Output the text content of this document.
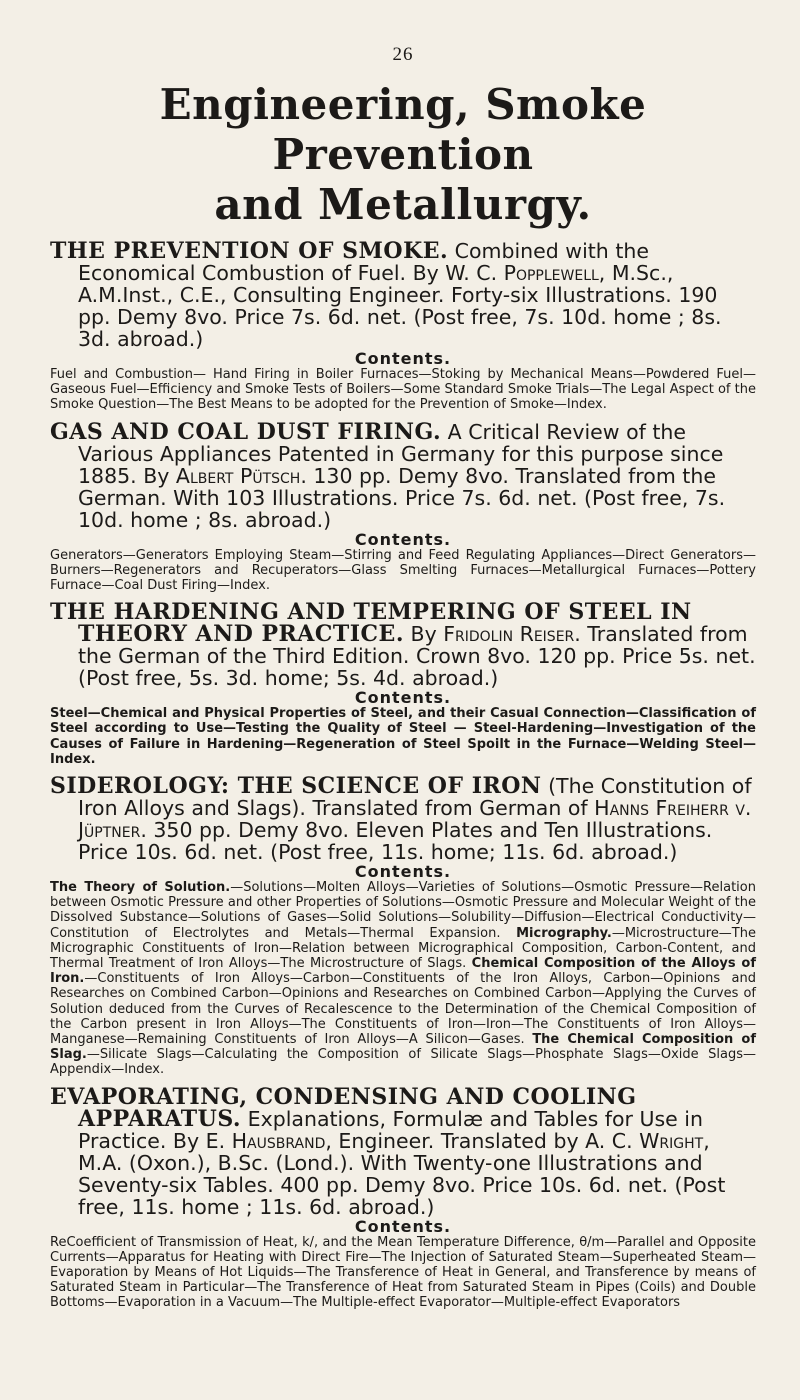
26
Engineering, Smoke Prevention
and Metallurgy.

THE PREVENTION OF SMOKE. Combined with the Economical Combustion of Fuel. By W. C. Popplewell, M.Sc., A.M.Inst., C.E., Consulting Engineer. Forty-six Illustrations. 190 pp. Demy 8vo. Price 7s. 6d. net. (Post free, 7s. 10d. home ; 8s. 3d. abroad.)

Contents.

Fuel and Combustion— Hand Firing in Boiler Furnaces—Stoking by Mechanical Means—Powdered Fuel—Gaseous Fuel—Efficiency and Smoke Tests of Boilers—Some Standard Smoke Trials—The Legal Aspect of the Smoke Question—The Best Means to be adopted for the Prevention of Smoke—Index.

GAS AND COAL DUST FIRING. A Critical Review of the Various Appliances Patented in Germany for this purpose since 1885. By Albert Pütsch. 130 pp. Demy 8vo. Translated from the German. With 103 Illustrations. Price 7s. 6d. net. (Post free, 7s. 10d. home ; 8s. abroad.)

Contents.

Generators—Generators Employing Steam—Stirring and Feed Regulating Appliances—Direct Generators—Burners—Regenerators and Recuperators—Glass Smelting Furnaces—Metallurgical Furnaces—Pottery Furnace—Coal Dust Firing—Index.

THE HARDENING AND TEMPERING OF STEEL IN THEORY AND PRACTICE. By Fridolin Reiser. Translated from the German of the Third Edition. Crown 8vo. 120 pp. Price 5s. net. (Post free, 5s. 3d. home; 5s. 4d. abroad.)

Contents.

Steel—Chemical and Physical Properties of Steel, and their Casual Connection—Classification of Steel according to Use—Testing the Quality of Steel — Steel-Hardening—Investigation of the Causes of Failure in Hardening—Regeneration of Steel Spoilt in the Furnace—Welding Steel—Index.

SIDEROLOGY: THE SCIENCE OF IRON (The Constitution of Iron Alloys and Slags). Translated from German of Hanns Freiherr v. Jüptner. 350 pp. Demy 8vo. Eleven Plates and Ten Illustrations. Price 10s. 6d. net. (Post free, 11s. home; 11s. 6d. abroad.)

Contents.

The Theory of Solution.—Solutions—Molten Alloys—Varieties of Solutions—Osmotic Pressure—Relation between Osmotic Pressure and other Properties of Solutions—Osmotic Pressure and Molecular Weight of the Dissolved Substance—Solutions of Gases—Solid Solutions—Solubility—Diffusion—Electrical Conductivity—Constitution of Electrolytes and Metals—Thermal Expansion. Micrography.—Microstructure—The Micrographic Constituents of Iron—Relation between Micrographical Composition, Carbon-Content, and Thermal Treatment of Iron Alloys—The Microstructure of Slags. Chemical Composition of the Alloys of Iron.—Constituents of Iron Alloys—Carbon—Constituents of the Iron Alloys, Carbon—Opinions and Researches on Combined Carbon—Opinions and Researches on Combined Carbon—Applying the Curves of Solution deduced from the Curves of Recalescence to the Determination of the Chemical Composition of the Carbon present in Iron Alloys—The Constituents of Iron—Iron—The Constituents of Iron Alloys—Manganese—Remaining Constituents of Iron Alloys—A Silicon—Gases. The Chemical Composition of Slag.—Silicate Slags—Calculating the Composition of Silicate Slags—Phosphate Slags—Oxide Slags—Appendix—Index.

EVAPORATING, CONDENSING AND COOLING APPARATUS. Explanations, Formulæ and Tables for Use in Practice. By E. Hausbrand, Engineer. Translated by A. C. Wright, M.A. (Oxon.), B.Sc. (Lond.). With Twenty-one Illustrations and Seventy-six Tables. 400 pp. Demy 8vo. Price 10s. 6d. net. (Post free, 11s. home ; 11s. 6d. abroad.)

Contents.

ReCoefficient of Transmission of Heat, k/, and the Mean Temperature Difference, θ/m—Parallel and Opposite Currents—Apparatus for Heating with Direct Fire—The Injection of Saturated Steam—Superheated Steam—Evaporation by Means of Hot Liquids—The Transference of Heat in General, and Transference by means of Saturated Steam in Particular—The Transference of Heat from Saturated Steam in Pipes (Coils) and Double Bottoms—Evaporation in a Vacuum—The Multiple-effect Evaporator—Multiple-effect Evaporators
